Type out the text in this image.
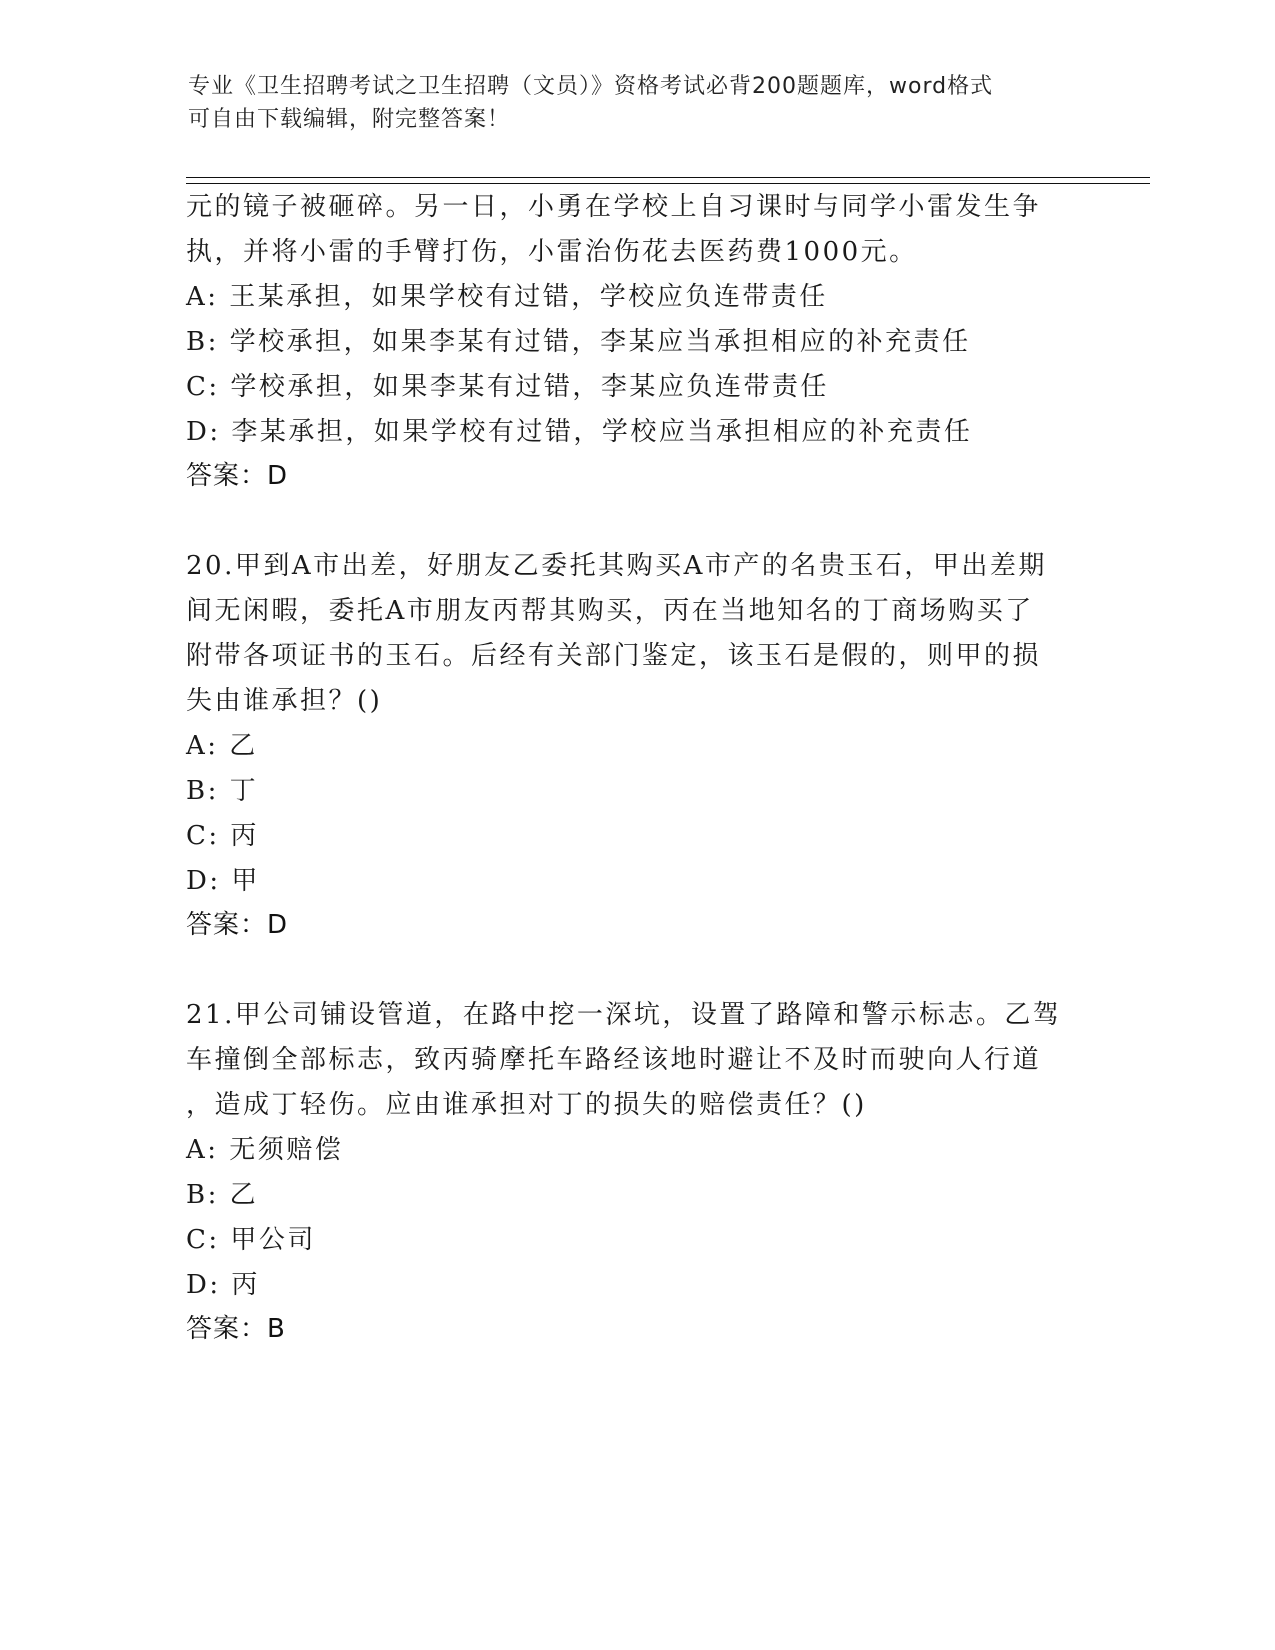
专业《卫生招聘考试之卫生招聘（文员）》资格考试必背200题题库，word格式
可自由下载编辑，附完整答案！
元的镜子被砸碎。另一日，小勇在学校上自习课时与同学小雷发生争
执，并将小雷的手臂打伤，小雷治伤花去医药费1000元。
A: 王某承担，如果学校有过错，学校应负连带责任
B: 学校承担，如果李某有过错，李某应当承担相应的补充责任
C: 学校承担，如果李某有过错，李某应负连带责任
D: 李某承担，如果学校有过错，学校应当承担相应的补充责任
答案：D
20.甲到A市出差，好朋友乙委托其购买A市产的名贵玉石，甲出差期
间无闲暇，委托A市朋友丙帮其购买，丙在当地知名的丁商场购买了
附带各项证书的玉石。后经有关部门鉴定，该玉石是假的，则甲的损
失由谁承担？()
A: 乙
B: 丁
C: 丙
D: 甲
答案：D
21.甲公司铺设管道，在路中挖一深坑，设置了路障和警示标志。乙驾
车撞倒全部标志，致丙骑摩托车路经该地时避让不及时而驶向人行道
，造成丁轻伤。应由谁承担对丁的损失的赔偿责任？()
A: 无须赔偿
B: 乙
C: 甲公司
D: 丙
答案：B
